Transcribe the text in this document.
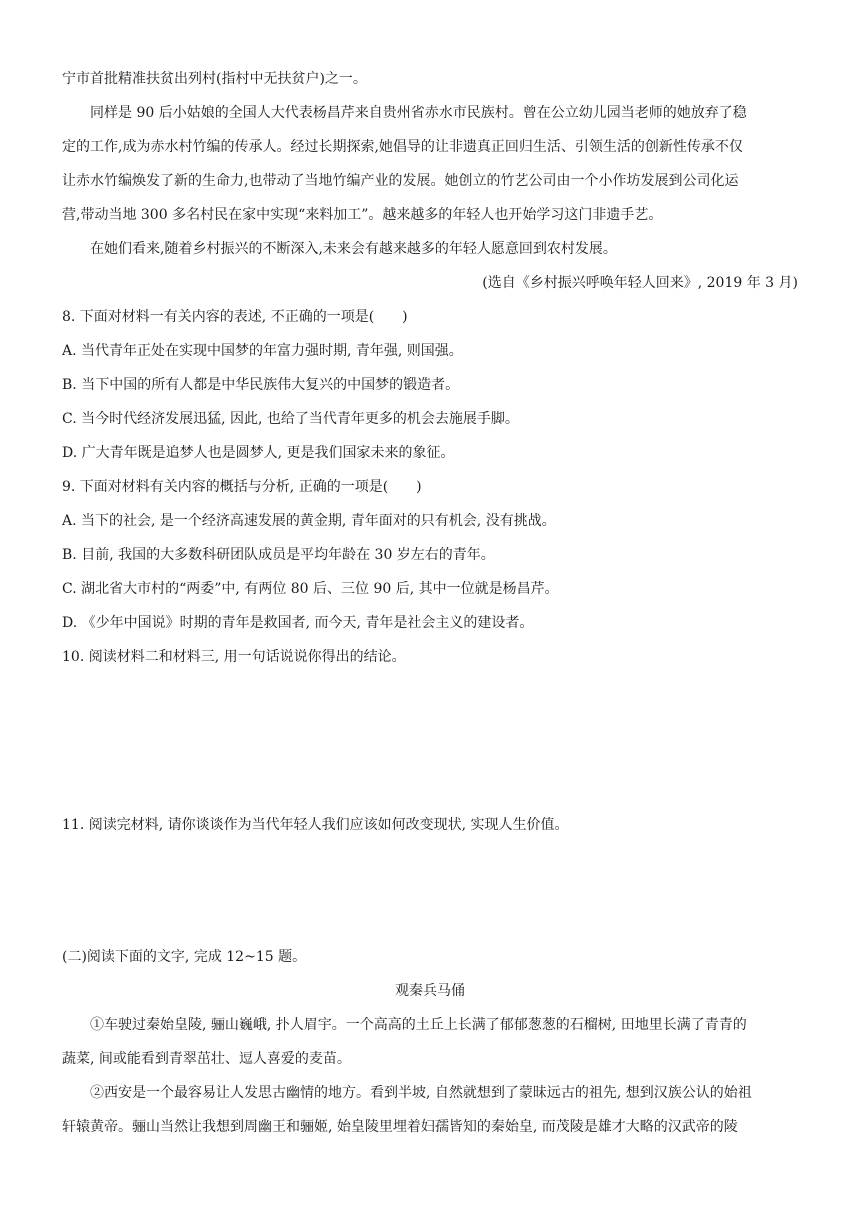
宁市首批精准扶贫出列村(指村中无扶贫户)之一。
同样是 90 后小姑娘的全国人大代表杨昌芹来自贵州省赤水市民族村。曾在公立幼儿园当老师的她放弃了稳
定的工作,成为赤水村竹编的传承人。经过长期探索,她倡导的让非遗真正回归生活、引领生活的创新性传承不仅
让赤水竹编焕发了新的生命力,也带动了当地竹编产业的发展。她创立的竹艺公司由一个小作坊发展到公司化运
营,带动当地 300 多名村民在家中实现“来料加工”。越来越多的年轻人也开始学习这门非遗手艺。
在她们看来,随着乡村振兴的不断深入,未来会有越来越多的年轻人愿意回到农村发展。
(选自《乡村振兴呼唤年轻人回来》, 2019 年 3 月)
8. 下面对材料一有关内容的表述, 不正确的一项是(　　)
A. 当代青年正处在实现中国梦的年富力强时期, 青年强, 则国强。
B. 当下中国的所有人都是中华民族伟大复兴的中国梦的锻造者。
C. 当今时代经济发展迅猛, 因此, 也给了当代青年更多的机会去施展手脚。
D. 广大青年既是追梦人也是圆梦人, 更是我们国家未来的象征。
9. 下面对材料有关内容的概括与分析, 正确的一项是(　　)
A. 当下的社会, 是一个经济高速发展的黄金期, 青年面对的只有机会, 没有挑战。
B. 目前, 我国的大多数科研团队成员是平均年龄在 30 岁左右的青年。
C. 湖北省大市村的“两委”中, 有两位 80 后、三位 90 后, 其中一位就是杨昌芹。
D. 《少年中国说》时期的青年是救国者, 而今天, 青年是社会主义的建设者。
10. 阅读材料二和材料三, 用一句话说说你得出的结论。
11. 阅读完材料, 请你谈谈作为当代年轻人我们应该如何改变现状, 实现人生价值。
(二)阅读下面的文字, 完成 12~15 题。
观秦兵马俑
①车驶过秦始皇陵, 骊山巍峨, 扑人眉宇。一个高高的土丘上长满了郁郁葱葱的石榴树, 田地里长满了青青的
蔬菜, 间或能看到青翠茁壮、逗人喜爱的麦苗。
②西安是一个最容易让人发思古幽情的地方。看到半坡, 自然就想到了蒙昧远古的祖先, 想到汉族公认的始祖
轩辕黄帝。骊山当然让我想到周幽王和骊姬, 始皇陵里埋着妇孺皆知的秦始皇, 而茂陵是雄才大略的汉武帝的陵
